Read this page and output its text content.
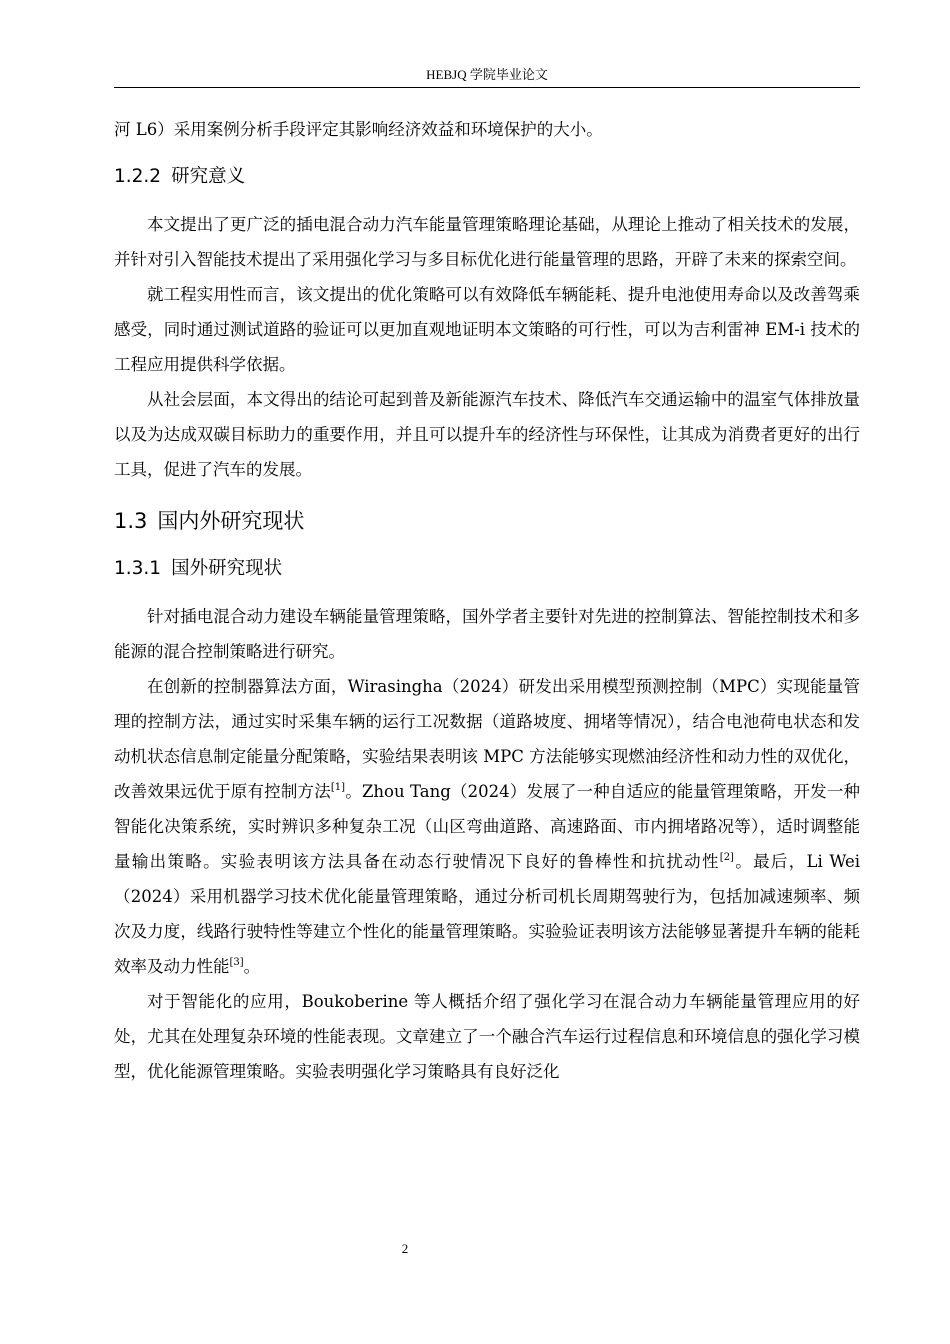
HEBJQ 学院毕业论文

河 L6）采用案例分析手段评定其影响经济效益和环境保护的大小。

1.2.2 研究意义

本文提出了更广泛的插电混合动力汽车能量管理策略理论基础，从理论上推动了相关技术的发展，并针对引入智能技术提出了采用强化学习与多目标优化进行能量管理的思路，开辟了未来的探索空间。

就工程实用性而言，该文提出的优化策略可以有效降低车辆能耗、提升电池使用寿命以及改善驾乘感受，同时通过测试道路的验证可以更加直观地证明本文策略的可行性，可以为吉利雷神 EM-i 技术的工程应用提供科学依据。

从社会层面，本文得出的结论可起到普及新能源汽车技术、降低汽车交通运输中的温室气体排放量以及为达成双碳目标助力的重要作用，并且可以提升车的经济性与环保性，让其成为消费者更好的出行工具，促进了汽车的发展。

1.3 国内外研究现状
1.3.1 国外研究现状

针对插电混合动力建设车辆能量管理策略，国外学者主要针对先进的控制算法、智能控制技术和多能源的混合控制策略进行研究。

在创新的控制器算法方面，Wirasingha（2024）研发出采用模型预测控制（MPC）实现能量管理的控制方法，通过实时采集车辆的运行工况数据（道路坡度、拥堵等情况），结合电池荷电状态和发动机状态信息制定能量分配策略，实验结果表明该 MPC 方法能够实现燃油经济性和动力性的双优化，改善效果远优于原有控制方法[1]。Zhou Tang（2024）发展了一种自适应的能量管理策略，开发一种智能化决策系统，实时辨识多种复杂工况（山区弯曲道路、高速路面、市内拥堵路况等），适时调整能量输出策略。实验表明该方法具备在动态行驶情况下良好的鲁棒性和抗扰动性[2]。最后，Li Wei（2024）采用机器学习技术优化能量管理策略，通过分析司机长周期驾驶行为，包括加减速频率、频次及力度，线路行驶特性等建立个性化的能量管理策略。实验验证表明该方法能够显著提升车辆的能耗效率及动力性能[3]。

对于智能化的应用，Boukoberine 等人概括介绍了强化学习在混合动力车辆能量管理应用的好处，尤其在处理复杂环境的性能表现。文章建立了一个融合汽车运行过程信息和环境信息的强化学习模型，优化能源管理策略。实验表明强化学习策略具有良好泛化

2
